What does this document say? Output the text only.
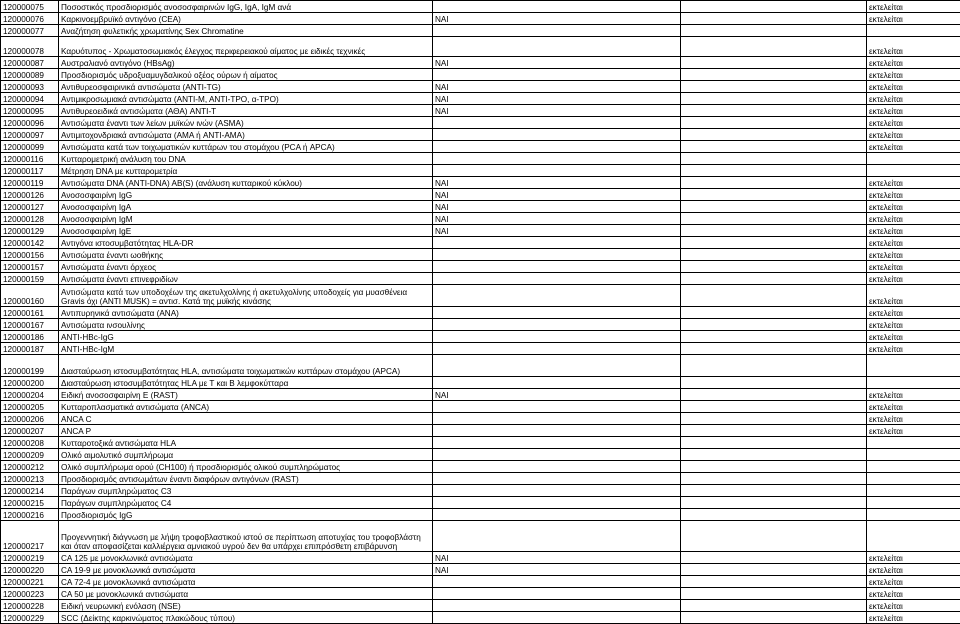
120000075	Ποσοστικός προσδιορισμός ανοσοσφαιρινών IgG, IgA, IgM ανά			εκτελείται
120000076	Καρκινοεμβρυϊκό αντιγόνο (CEA)	NAI		εκτελείται
120000077	Αναζήτηση φυλετικής χρωματίνης Sex Chromatine			
120000078	Καρυότυπος - Χρωματοσωμιακός έλεγχος περιφερειακού αίματος με ειδικές τεχνικές			εκτελείται
120000087	Αυστραλιανό αντιγόνο (HBsAg)	NAI		εκτελείται
120000089	Προσδιορισμός υδροξυαμυγδαλικού οξέος ούρων ή αίματος			εκτελείται
120000093	Αντιθυρεοσφαιρινικά αντισώματα (ANTI-TG)	NAI		εκτελείται
120000094	Αντιμικροσωμιακά αντισώματα (ANTI-M, ANTI-TPO, α-TPO)	NAI		εκτελείται
120000095	Αντιθυρεοειδικά αντισώματα (ΑΘΑ) ANTI-T	NAI		εκτελείται
120000096	Αντισώματα έναντι των λείων μυϊκών ινών (ASMA)			εκτελείται
120000097	Αντιμιτοχονδριακά αντισώματα (AMA ή ANTI-AMA)			εκτελείται
120000099	Αντισώματα κατά των τοιχωματικών κυττάρων του στομάχου (PCA ή APCA)			εκτελείται
120000116	Κυτταρομετρική ανάλυση του DNA			
120000117	Μέτρηση DNA με κυτταρομετρία			
120000119	Αντισώματα DNA (ANTI-DNA) AB(S) (ανάλυση κυτταρικού κύκλου)	NAI		εκτελείται
120000126	Ανοσοσφαιρίνη IgG	NAI		εκτελείται
120000127	Ανοσοσφαιρίνη IgA	NAI		εκτελείται
120000128	Ανοσοσφαιρίνη IgM	NAI		εκτελείται
120000129	Ανοσοσφαιρίνη IgE	NAI		εκτελείται
120000142	Αντιγόνα ιστοσυμβατότητας HLA-DR			εκτελείται
120000156	Αντισώματα έναντι ωοθήκης			εκτελείται
120000157	Αντισώματα έναντι όρχεος			εκτελείται
120000159	Αντισώματα έναντι επινεφριδίων			εκτελείται
120000160	Αντισώματα κατά των υποδοχέων της ακετυλχολίνης ή ακετυλχολίνης υποδοχείς για μυασθένεια Gravis όχι (ANTI MUSK) = αντισ. Κατά της μυϊκής κινάσης			εκτελείται
120000161	Αντιπυρηνικά αντισώματα (ΑΝΑ)			εκτελείται
120000167	Αντισώματα ινσουλίνης			εκτελείται
120000186	ANTI-HBc-IgG			εκτελείται
120000187	ANTI-HBc-IgM			εκτελείται
120000199	Διασταύρωση ιστοσυμβατότητας HLA, αντισώματα τοιχωματικών κυττάρων στομάχου (APCA)			
120000200	Διασταύρωση ιστοσυμβατότητας HLA με Τ και Β λεμφοκύτταρα			
120000204	Ειδική ανοσοσφαιρίνη Ε (RAST)	NAI		εκτελείται
120000205	Κυτταροπλασματικά αντισώματα (ANCA)			εκτελείται
120000206	ANCA C			εκτελείται
120000207	ANCA P			εκτελείται
120000208	Κυτταροτοξικά αντισώματα HLA			
120000209	Ολικό αιμολυτικό συμπλήρωμα			
120000212	Ολικό συμπλήρωμα ορού (CH100) ή προσδιορισμός ολικού συμπληρώματος			
120000213	Προσδιορισμός αντισωμάτων έναντι διαφόρων αντιγόνων (RAST)			
120000214	Παράγων συμπληρώματος C3			
120000215	Παράγων συμπληρώματος C4			
120000216	Προσδιορισμός IgG			
120000217	Προγεννητική διάγνωση με λήψη τροφοβλαστικού ιστού σε περίπτωση αποτυχίας του τροφοβλάστη και όταν αποφασίζεται καλλιέργεια αμνιακού υγρού δεν θα υπάρχει επιπρόσθετη επιβάρυνση			
120000219	CA 125 με μονοκλωνικά αντισώματα	NAI		εκτελείται
120000220	CA 19-9 με μονοκλωνικά αντισώματα	NAI		εκτελείται
120000221	CA 72-4 με μονοκλωνικά αντισώματα			εκτελείται
120000223	CA 50 με μονοκλωνικά αντισώματα			εκτελείται
120000228	Ειδική νευρωνική ενόλαση (NSE)			εκτελείται
120000229	SCC (Δείκτης καρκινώματος πλακώδους τύπου)			εκτελείται
